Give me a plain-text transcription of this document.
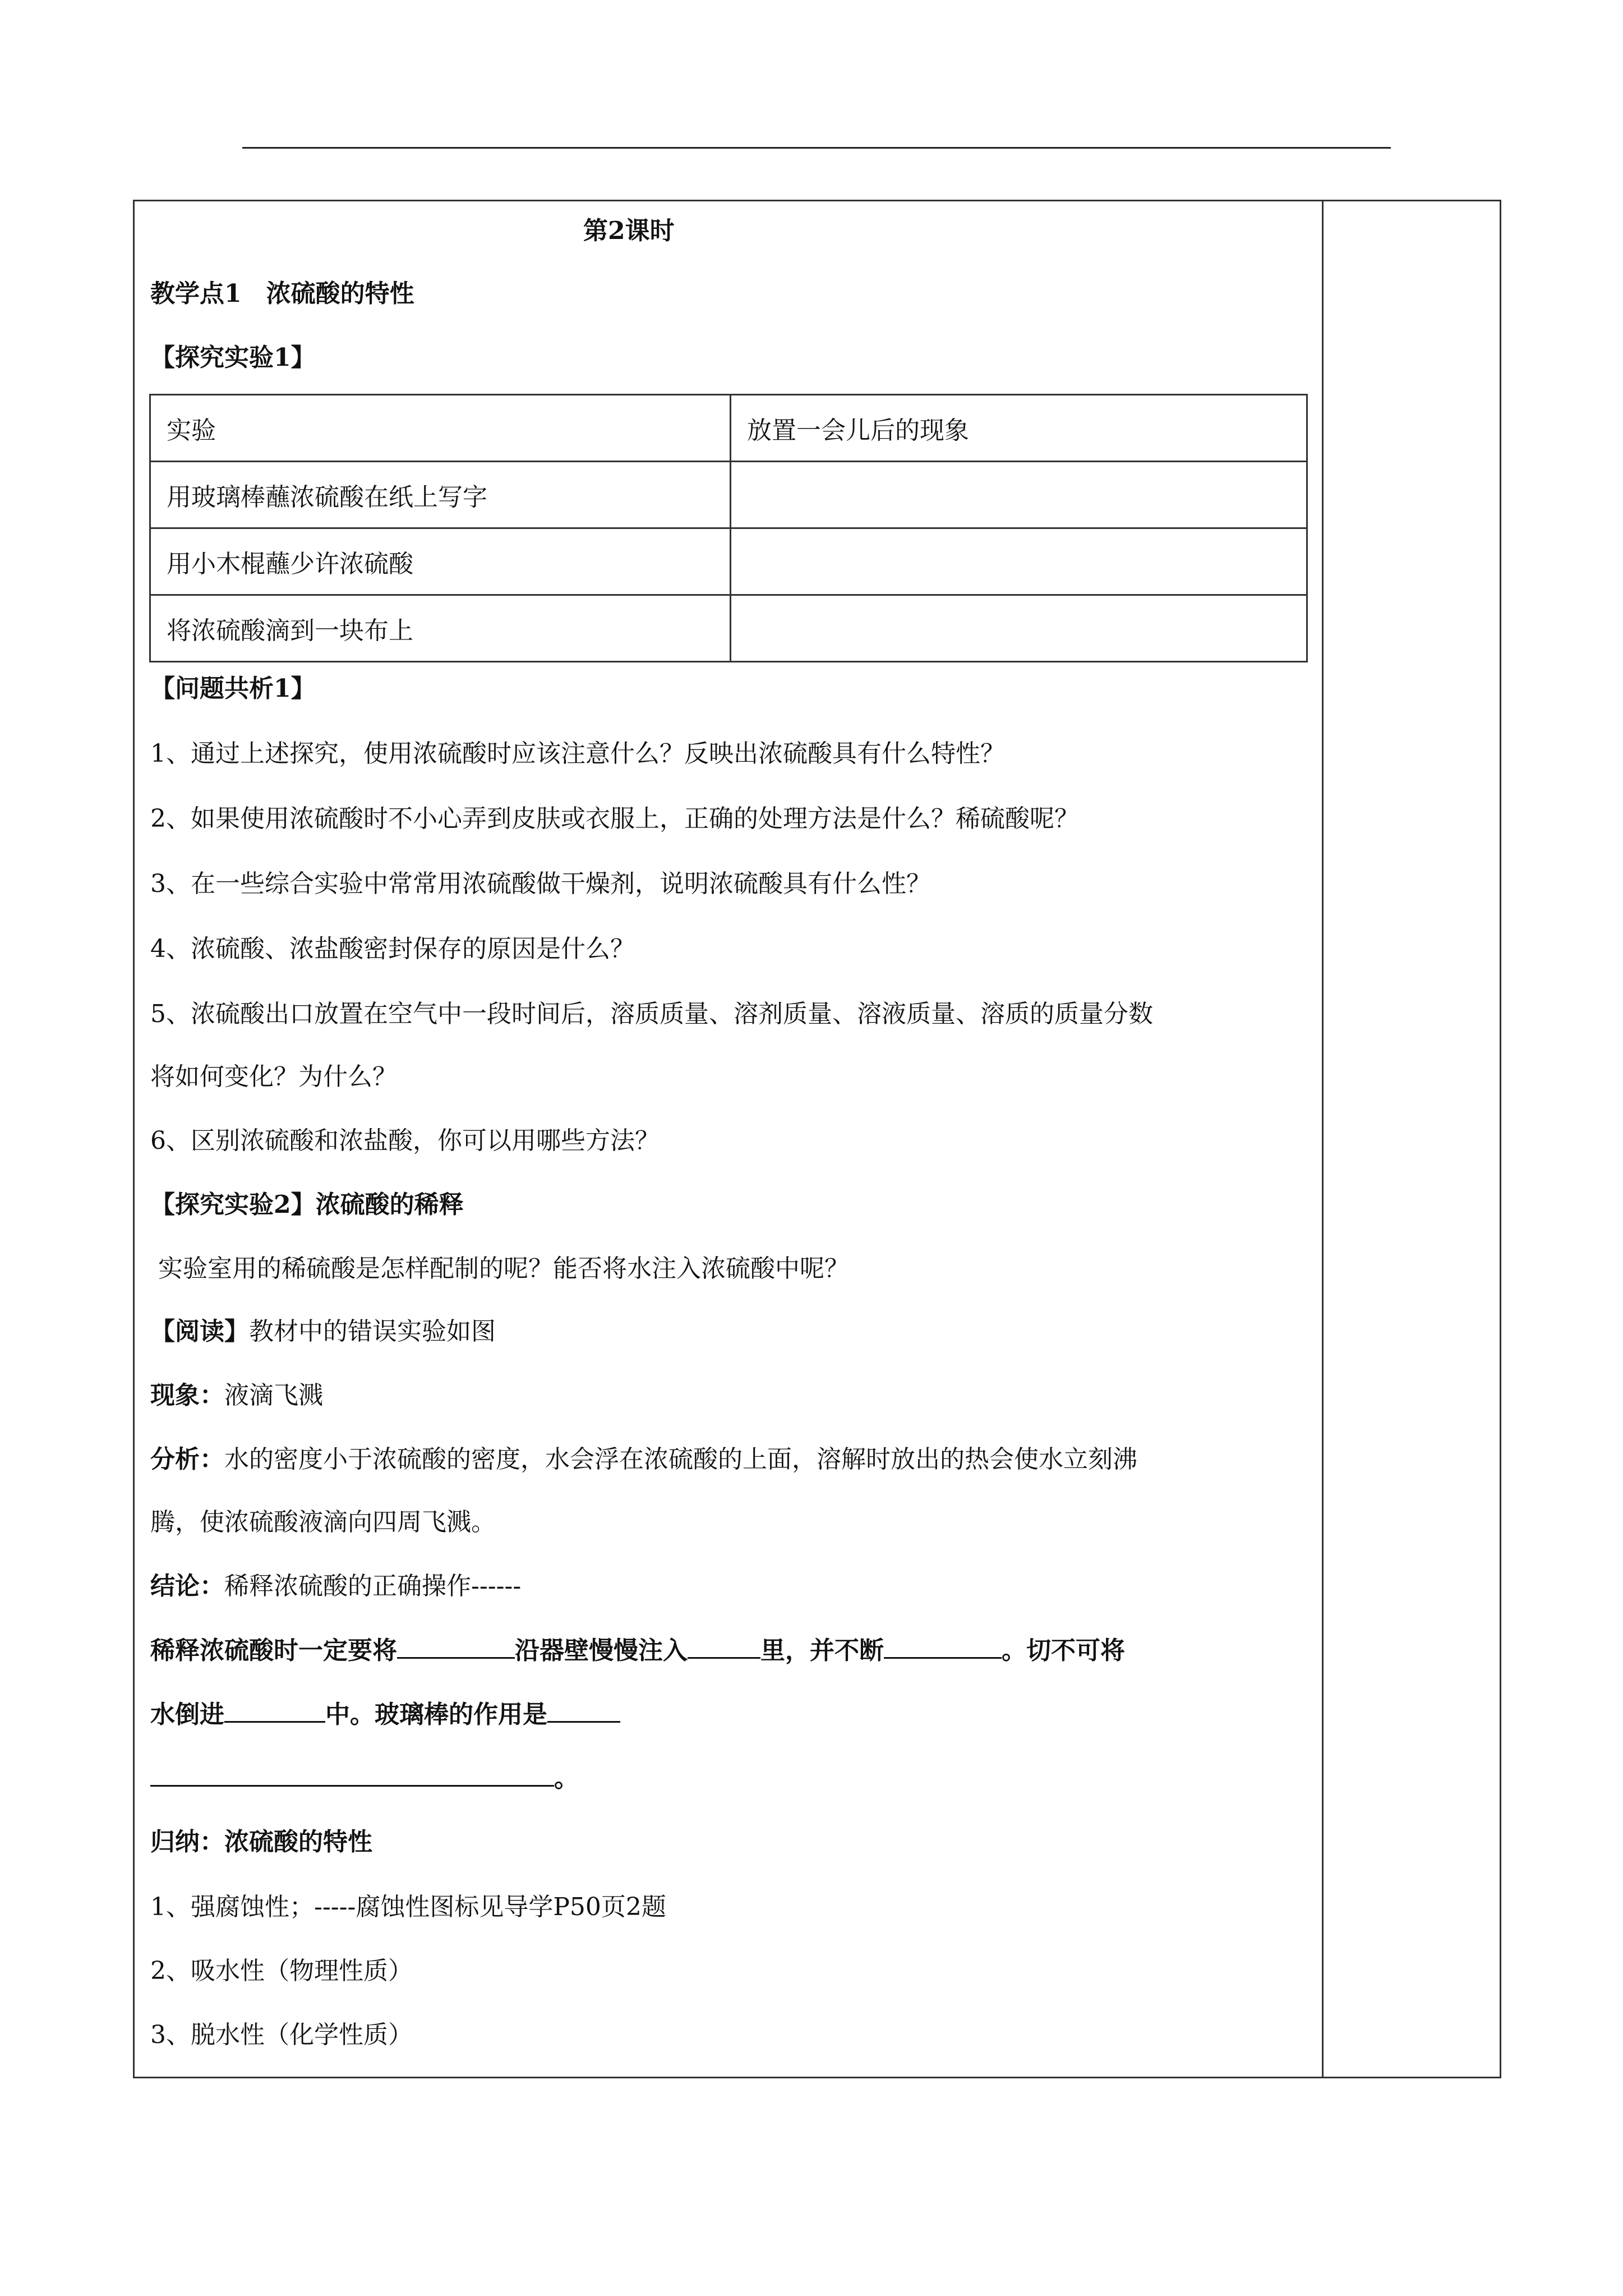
第2课时
教学点1　浓硫酸的特性
【探究实验1】
实验	放置一会儿后的现象
用玻璃棒蘸浓硫酸在纸上写字	
用小木棍蘸少许浓硫酸	
将浓硫酸滴到一块布上	
【问题共析1】
1、通过上述探究，使用浓硫酸时应该注意什么？反映出浓硫酸具有什么特性？
2、如果使用浓硫酸时不小心弄到皮肤或衣服上，正确的处理方法是什么？稀硫酸呢？
3、在一些综合实验中常常用浓硫酸做干燥剂，说明浓硫酸具有什么性？
4、浓硫酸、浓盐酸密封保存的原因是什么？
5、浓硫酸出口放置在空气中一段时间后，溶质质量、溶剂质量、溶液质量、溶质的质量分数
将如何变化？为什么？
6、区别浓硫酸和浓盐酸，你可以用哪些方法？
【探究实验2】浓硫酸的稀释
实验室用的稀硫酸是怎样配制的呢？能否将水注入浓硫酸中呢？
【阅读】教材中的错误实验如图
现象：液滴飞溅
分析：水的密度小于浓硫酸的密度，水会浮在浓硫酸的上面，溶解时放出的热会使水立刻沸
腾，使浓硫酸液滴向四周飞溅。
结论：稀释浓硫酸的正确操作------
稀释浓硫酸时一定要将	沿器壁慢慢注入	里，并不断	。切不可将
水倒进	中。玻璃棒的作用是
。
归纳：浓硫酸的特性
1、强腐蚀性；-----腐蚀性图标见导学P50页2题
2、吸水性（物理性质）
3、脱水性（化学性质）
